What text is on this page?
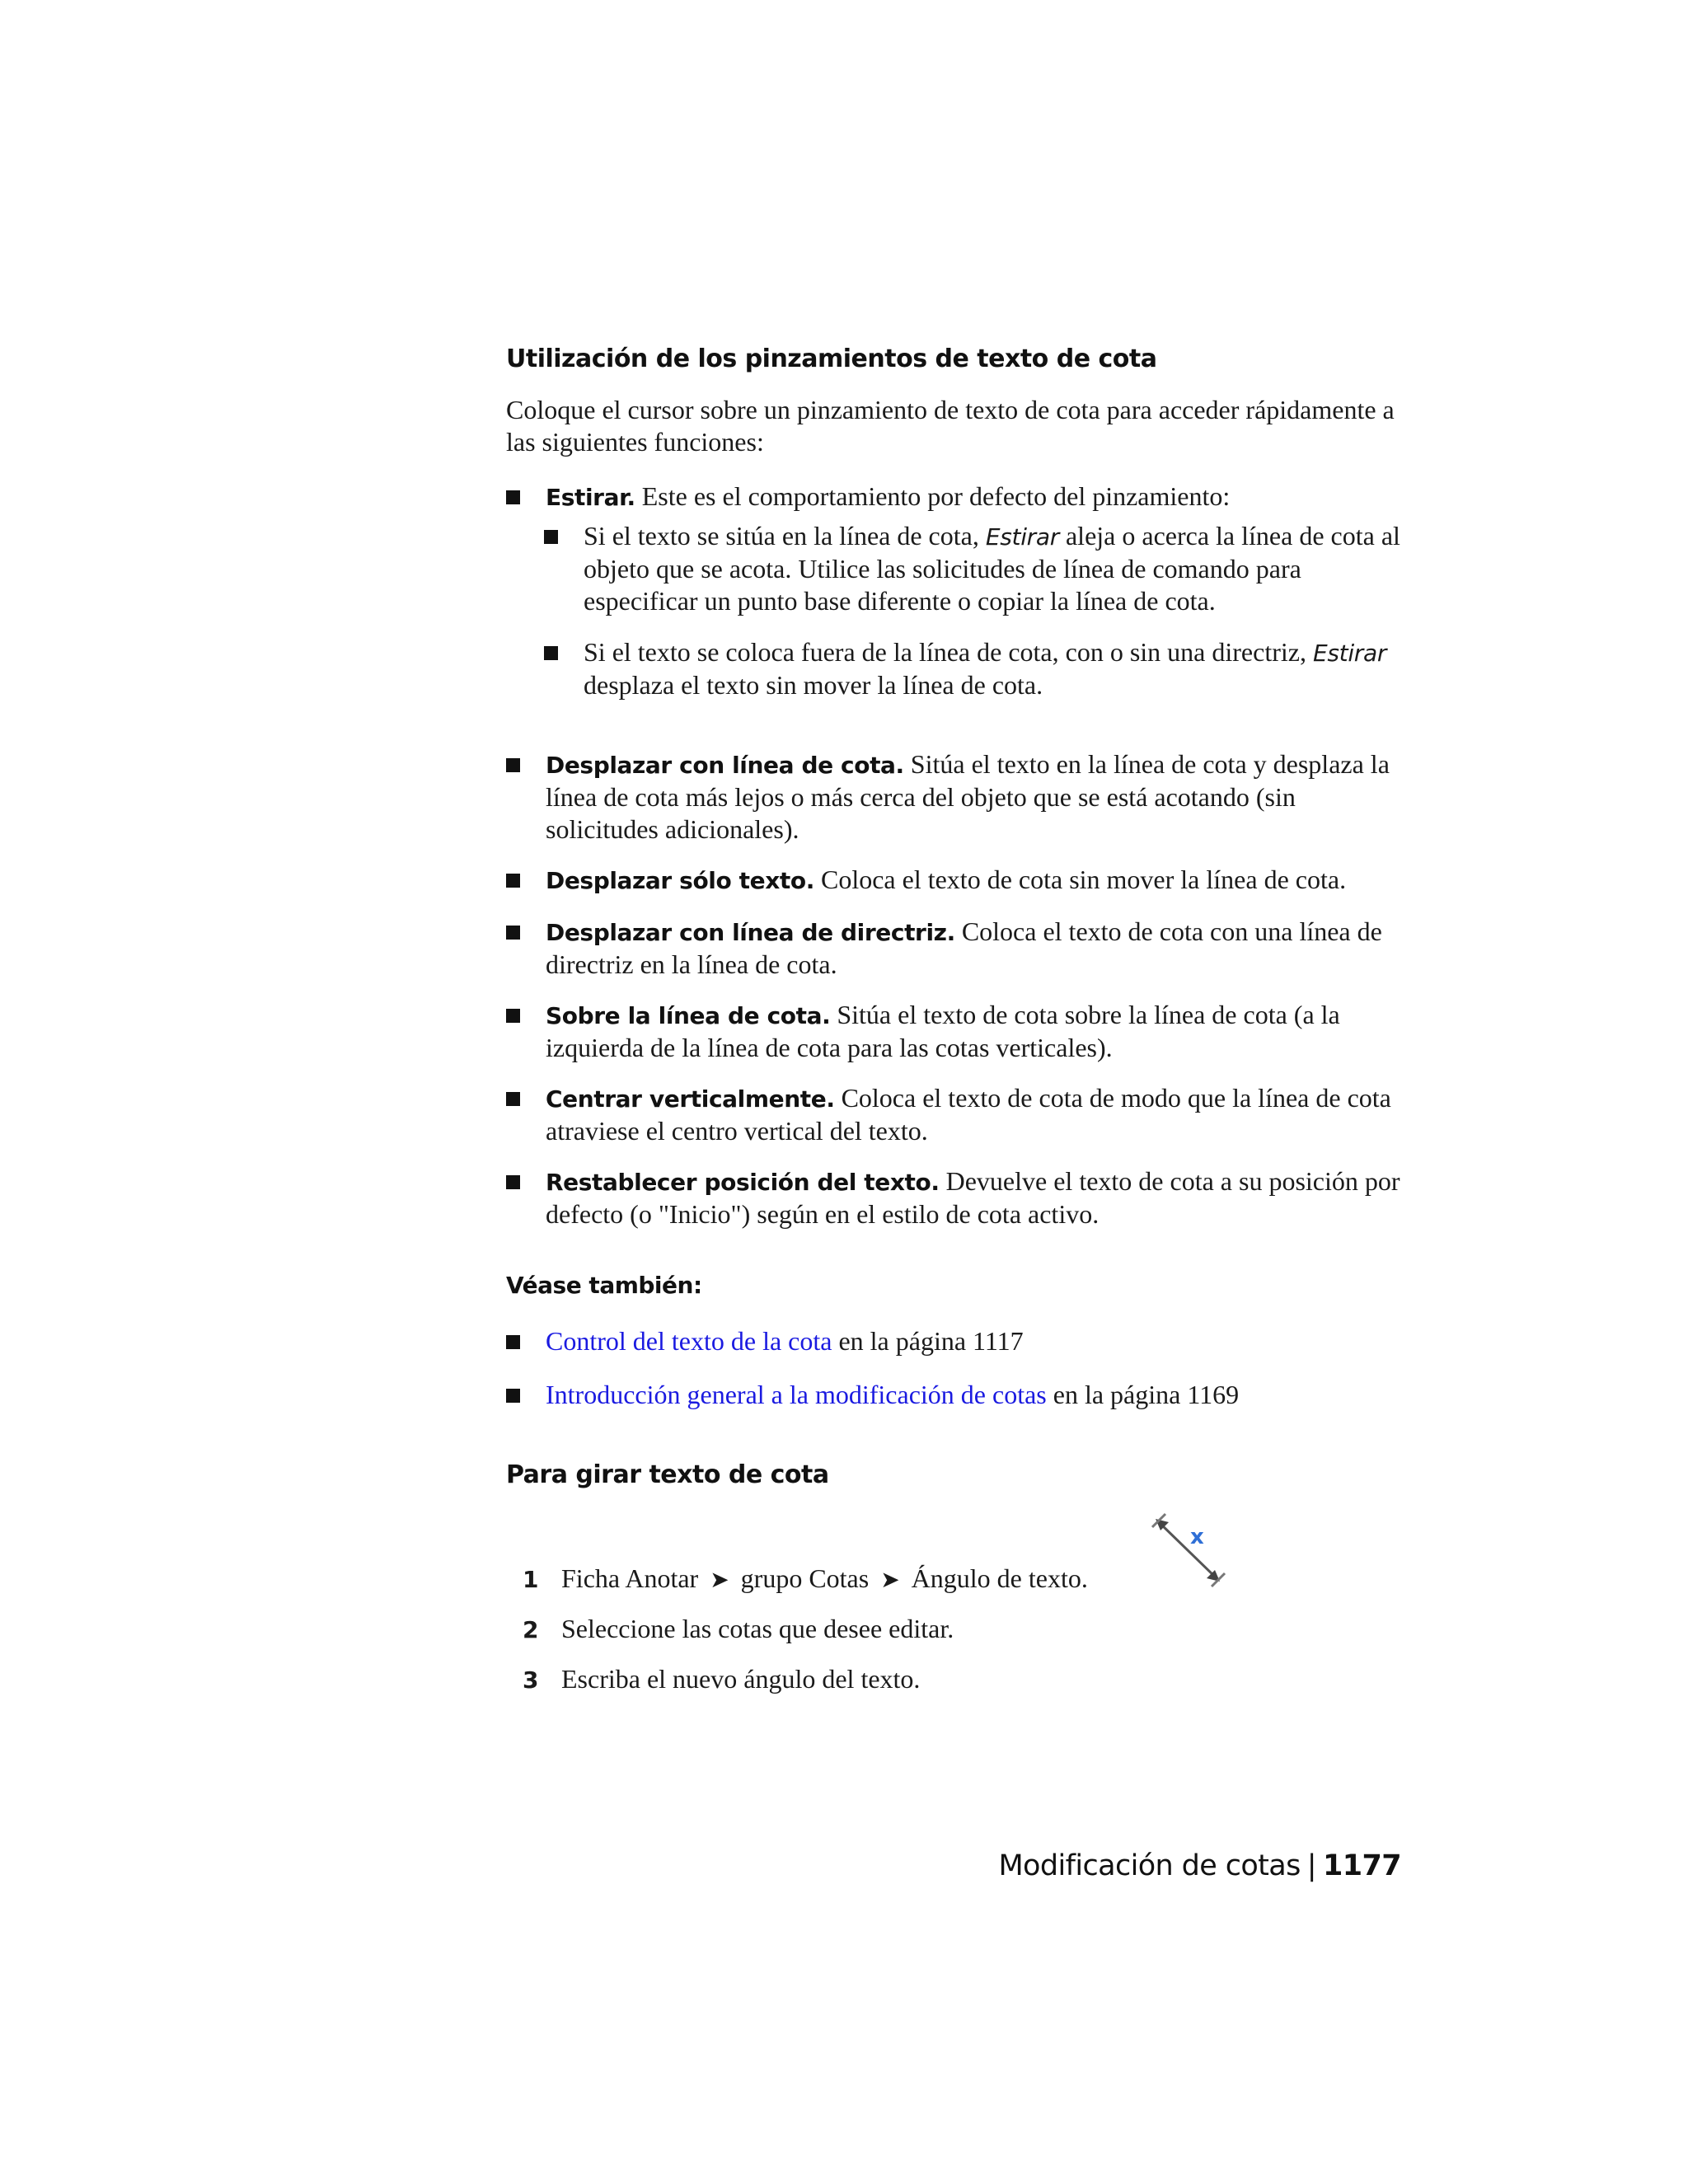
Utilización de los pinzamientos de texto de cota

Coloque el cursor sobre un pinzamiento de texto de cota para acceder rápidamente a las siguientes funciones:

Estirar. Este es el comportamiento por defecto del pinzamiento:
Si el texto se sitúa en la línea de cota, Estirar aleja o acerca la línea de cota al objeto que se acota. Utilice las solicitudes de línea de comando para especificar un punto base diferente o copiar la línea de cota.
Si el texto se coloca fuera de la línea de cota, con o sin una directriz, Estirar desplaza el texto sin mover la línea de cota.
Desplazar con línea de cota. Sitúa el texto en la línea de cota y desplaza la línea de cota más lejos o más cerca del objeto que se está acotando (sin solicitudes adicionales).
Desplazar sólo texto. Coloca el texto de cota sin mover la línea de cota.
Desplazar con línea de directriz. Coloca el texto de cota con una línea de directriz en la línea de cota.
Sobre la línea de cota. Sitúa el texto de cota sobre la línea de cota (a la izquierda de la línea de cota para las cotas verticales).
Centrar verticalmente. Coloca el texto de cota de modo que la línea de cota atraviese el centro vertical del texto.
Restablecer posición del texto. Devuelve el texto de cota a su posición por defecto (o "Inicio") según en el estilo de cota activo.
Véase también:
Control del texto de la cota en la página 1117
Introducción general a la modificación de cotas en la página 1169
Para girar texto de cota
1 Ficha Anotar ➤ grupo Cotas ➤ Ángulo de texto.
x
2 Seleccione las cotas que desee editar.
3 Escriba el nuevo ángulo del texto.
Modificación de cotas | 1177
